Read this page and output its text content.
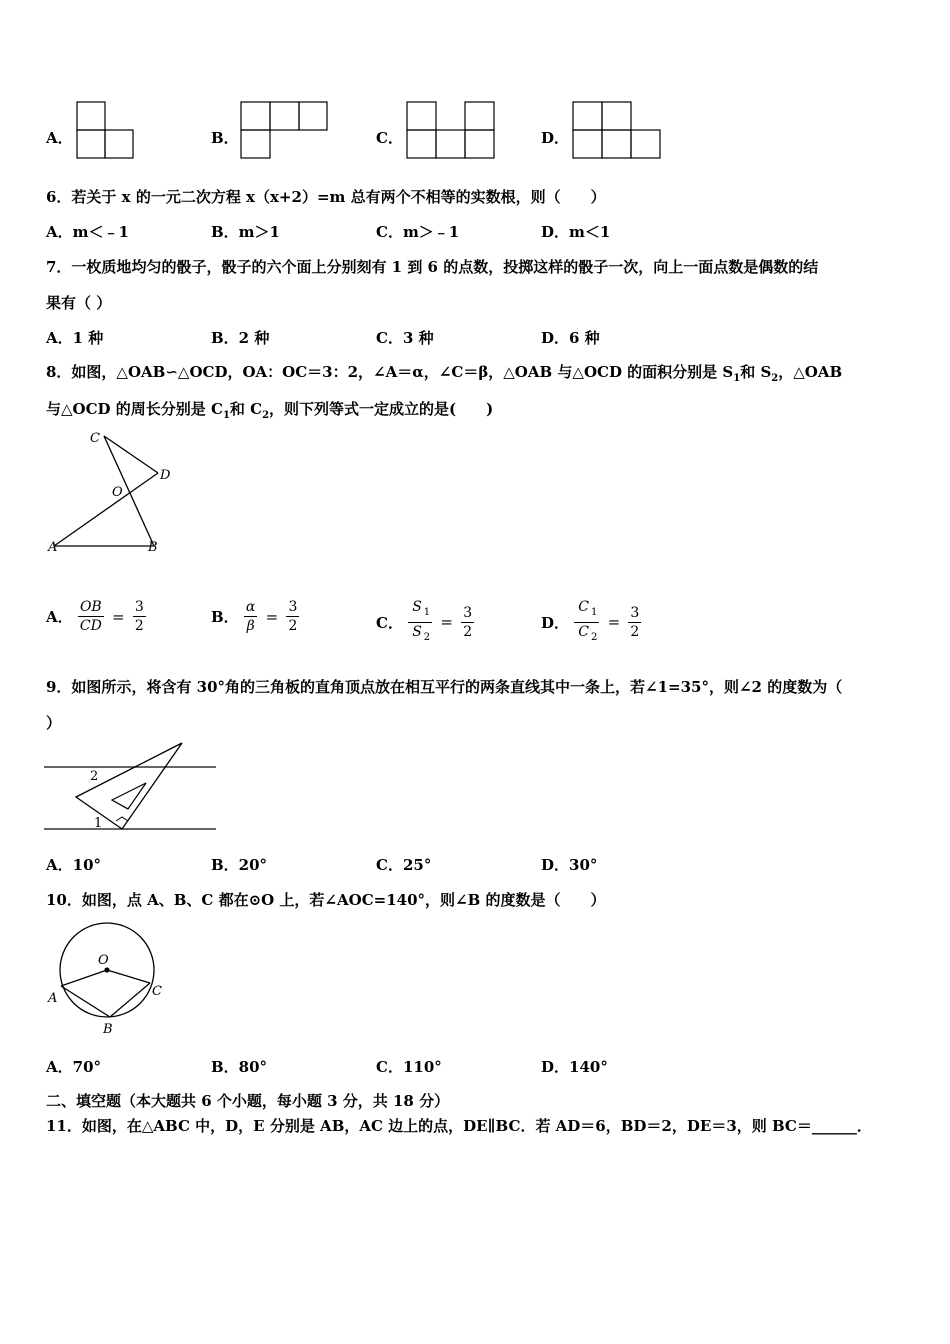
A．	B．	C．	D．
6．若关于 x 的一元二次方程 x（x+2）=m 总有两个不相等的实数根，则（　　）
A．m＜﹣1	B．m＞1	C．m＞﹣1	D．m＜1
7．一枚质地均匀的骰子，骰子的六个面上分别刻有 1 到 6 的点数，投掷这样的骰子一次，向上一面点数是偶数的结
果有（ ）
A．1 种	B．2 种	C．3 种	D．6 种
8．如图，△OAB∽△OCD，OA：OC＝3：2，∠A＝α，∠C＝β，△OAB 与△OCD 的面积分别是 $S_1$和 $S_2$，△OAB
与△OCD 的周长分别是 $C_1$和 $C_2$，则下列等式一定成立的是(　　)
C
D
O
A	B
A． $\frac{OB}{CD} = \frac{3}{2}$	B． $\frac{\alpha}{\beta} = \frac{3}{2}$	C． $\frac{S _1}{S _2} = \frac{3}{2}$	D． $\frac{C _1}{C _2} = \frac{3}{2}$
9．如图所示，将含有 30°角的三角板的直角顶点放在相互平行的两条直线其中一条上，若∠1=35°，则∠2 的度数为（
）
2
1
A．10°	B．20°	C．25°	D．30°
10．如图，点 A、B、C 都在⊙O 上，若∠AOC=140°，则∠B 的度数是（　　）
O
A	C
B
A．70°	B．80°	C．110°	D．140°
二、填空题（本大题共 6 个小题，每小题 3 分，共 18 分）
11．如图，在△ABC 中，D，E 分别是 AB，AC 边上的点，DE∥BC．若 AD＝6，BD＝2，DE＝3，则 BC＝______．
